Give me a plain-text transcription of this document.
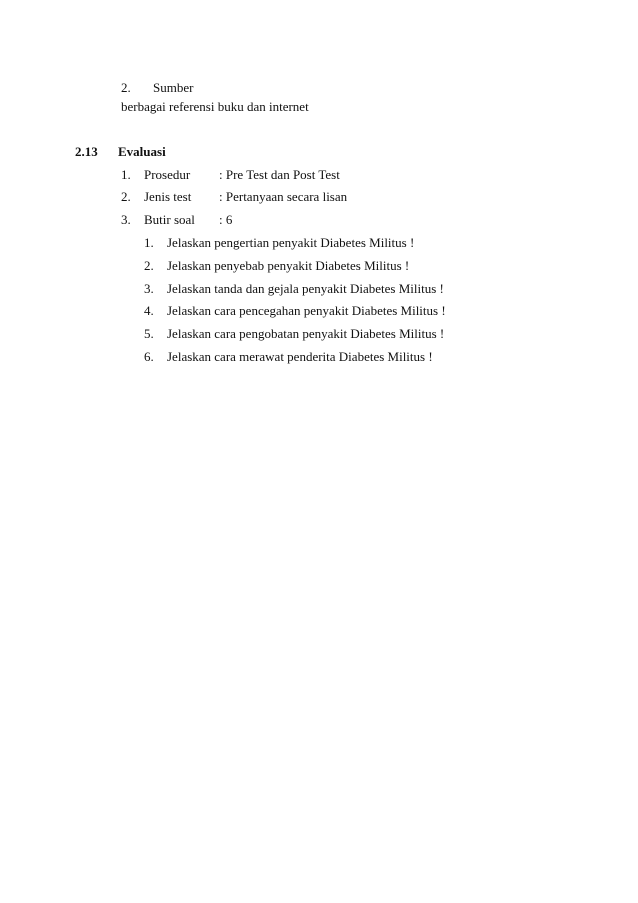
2. Sumber
berbagai referensi buku dan internet
2.13 Evaluasi
1. Prosedur : Pre Test dan Post Test
2. Jenis test : Pertanyaan secara lisan
3. Butir soal : 6
1. Jelaskan pengertian penyakit Diabetes Militus !
2. Jelaskan penyebab penyakit Diabetes Militus !
3. Jelaskan tanda dan gejala penyakit Diabetes Militus !
4. Jelaskan cara pencegahan penyakit Diabetes Militus !
5. Jelaskan cara pengobatan penyakit Diabetes Militus !
6. Jelaskan cara merawat penderita Diabetes Militus !
